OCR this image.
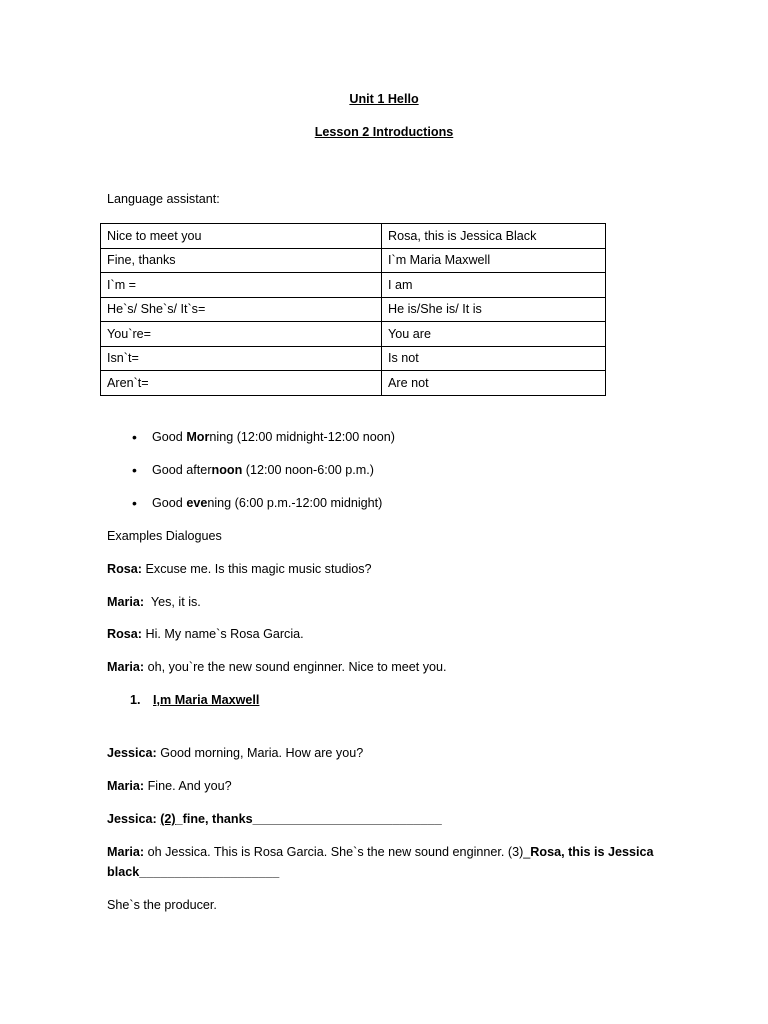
Unit 1 Hello
Lesson 2 Introductions
Language assistant:
Nice to meet you	Rosa, this is Jessica Black
Fine, thanks	I`m Maria Maxwell
I`m =	I am
He`s/ She`s/ It`s=	He is/She is/ It is
You`re=	You are
Isn`t=	Is not
Aren`t=	Are not
• Good Morning (12:00 midnight-12:00 noon)
• Good afternoon (12:00 noon-6:00 p.m.)
• Good evening (6:00 p.m.-12:00 midnight)
Examples Dialogues
Rosa: Excuse me. Is this magic music studios?
Maria:  Yes, it is.
Rosa: Hi. My name`s Rosa Garcia.
Maria: oh, you`re the new sound enginner. Nice to meet you.
1. I,m Maria Maxwell
Jessica: Good morning, Maria. How are you?
Maria: Fine. And you?
Jessica: (2)_fine, thanks___________________________
Maria: oh Jessica. This is Rosa Garcia. She`s the new sound enginner. (3)_Rosa, this is Jessica
black____________________
She`s the producer.
